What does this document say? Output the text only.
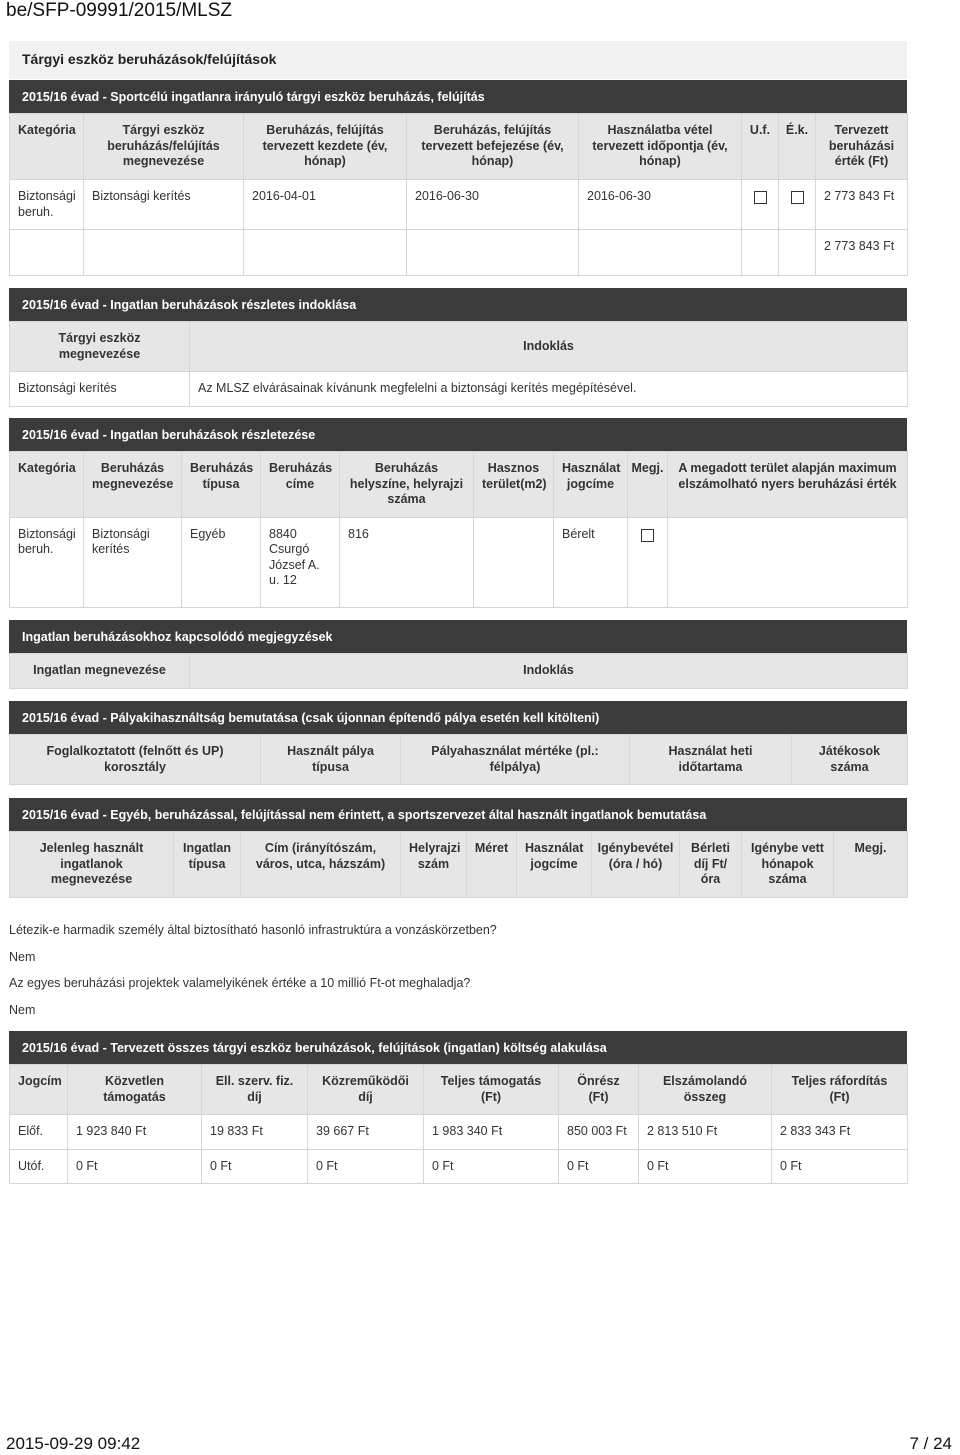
be/SFP-09991/2015/MLSZ
Tárgyi eszköz beruházások/felújítások
2015/16 évad - Sportcélú ingatlanra irányuló tárgyi eszköz beruházás, felújítás
Kategória	Tárgyi eszköz beruházás/felújítás megnevezése	Beruházás, felújítás tervezett kezdete (év, hónap)	Beruházás, felújítás tervezett befejezése (év, hónap)	Használatba vétel tervezett időpontja (év, hónap)	U.f.	É.k.	Tervezett beruházási érték (Ft)
Biztonsági beruh.	Biztonsági kerítés	2016-04-01	2016-06-30	2016-06-30			2 773 843 Ft
							2 773 843 Ft
2015/16 évad - Ingatlan beruházások részletes indoklása
Tárgyi eszköz megnevezése	Indoklás
Biztonsági kerítés	Az MLSZ elvárásainak kívánunk megfelelni a biztonsági kerítés megépítésével.
2015/16 évad - Ingatlan beruházások részletezése
Kategória	Beruházás megnevezése	Beruházás típusa	Beruházás címe	Beruházás helyszíne, helyrajzi száma	Hasznos terület(m2)	Használat jogcíme	Megj.	A megadott terület alapján maximum elszámolható nyers beruházási érték
Biztonsági beruh.	Biztonsági kerítés	Egyéb	8840 Csurgó József A. u. 12	816		Bérelt		
Ingatlan beruházásokhoz kapcsolódó megjegyzések
Ingatlan megnevezése	Indoklás
2015/16 évad - Pályakihasználtság bemutatása (csak újonnan építendő pálya esetén kell kitölteni)
Foglalkoztatott (felnőtt és UP) korosztály	Használt pálya típusa	Pályahasználat mértéke (pl.: félpálya)	Használat heti időtartama	Játékosok száma
2015/16 évad - Egyéb, beruházással, felújítással nem érintett, a sportszervezet által használt ingatlanok bemutatása
Jelenleg használt ingatlanok megnevezése	Ingatlan típusa	Cím (irányítószám, város, utca, házszám)	Helyrajzi szám	Méret	Használat jogcíme	Igénybevétel (óra / hó)	Bérleti díj Ft/óra	Igénybe vett hónapok száma	Megj.
Létezik-e harmadik személy által biztosítható hasonló infrastruktúra a vonzáskörzetben?
Nem
Az egyes beruházási projektek valamelyikének értéke a 10 millió Ft-ot meghaladja?
Nem
2015/16 évad - Tervezett összes tárgyi eszköz beruházások, felújítások (ingatlan) költség alakulása
Jogcím	Közvetlen támogatás	Ell. szerv. fiz. díj	Közreműködői díj	Teljes támogatás (Ft)	Önrész (Ft)	Elszámolandó összeg	Teljes ráfordítás (Ft)
Előf.	1 923 840 Ft	19 833 Ft	39 667 Ft	1 983 340 Ft	850 003 Ft	2 813 510 Ft	2 833 343 Ft
Utóf.	0 Ft	0 Ft	0 Ft	0 Ft	0 Ft	0 Ft	0 Ft
2015-09-29 09:42	7 / 24
